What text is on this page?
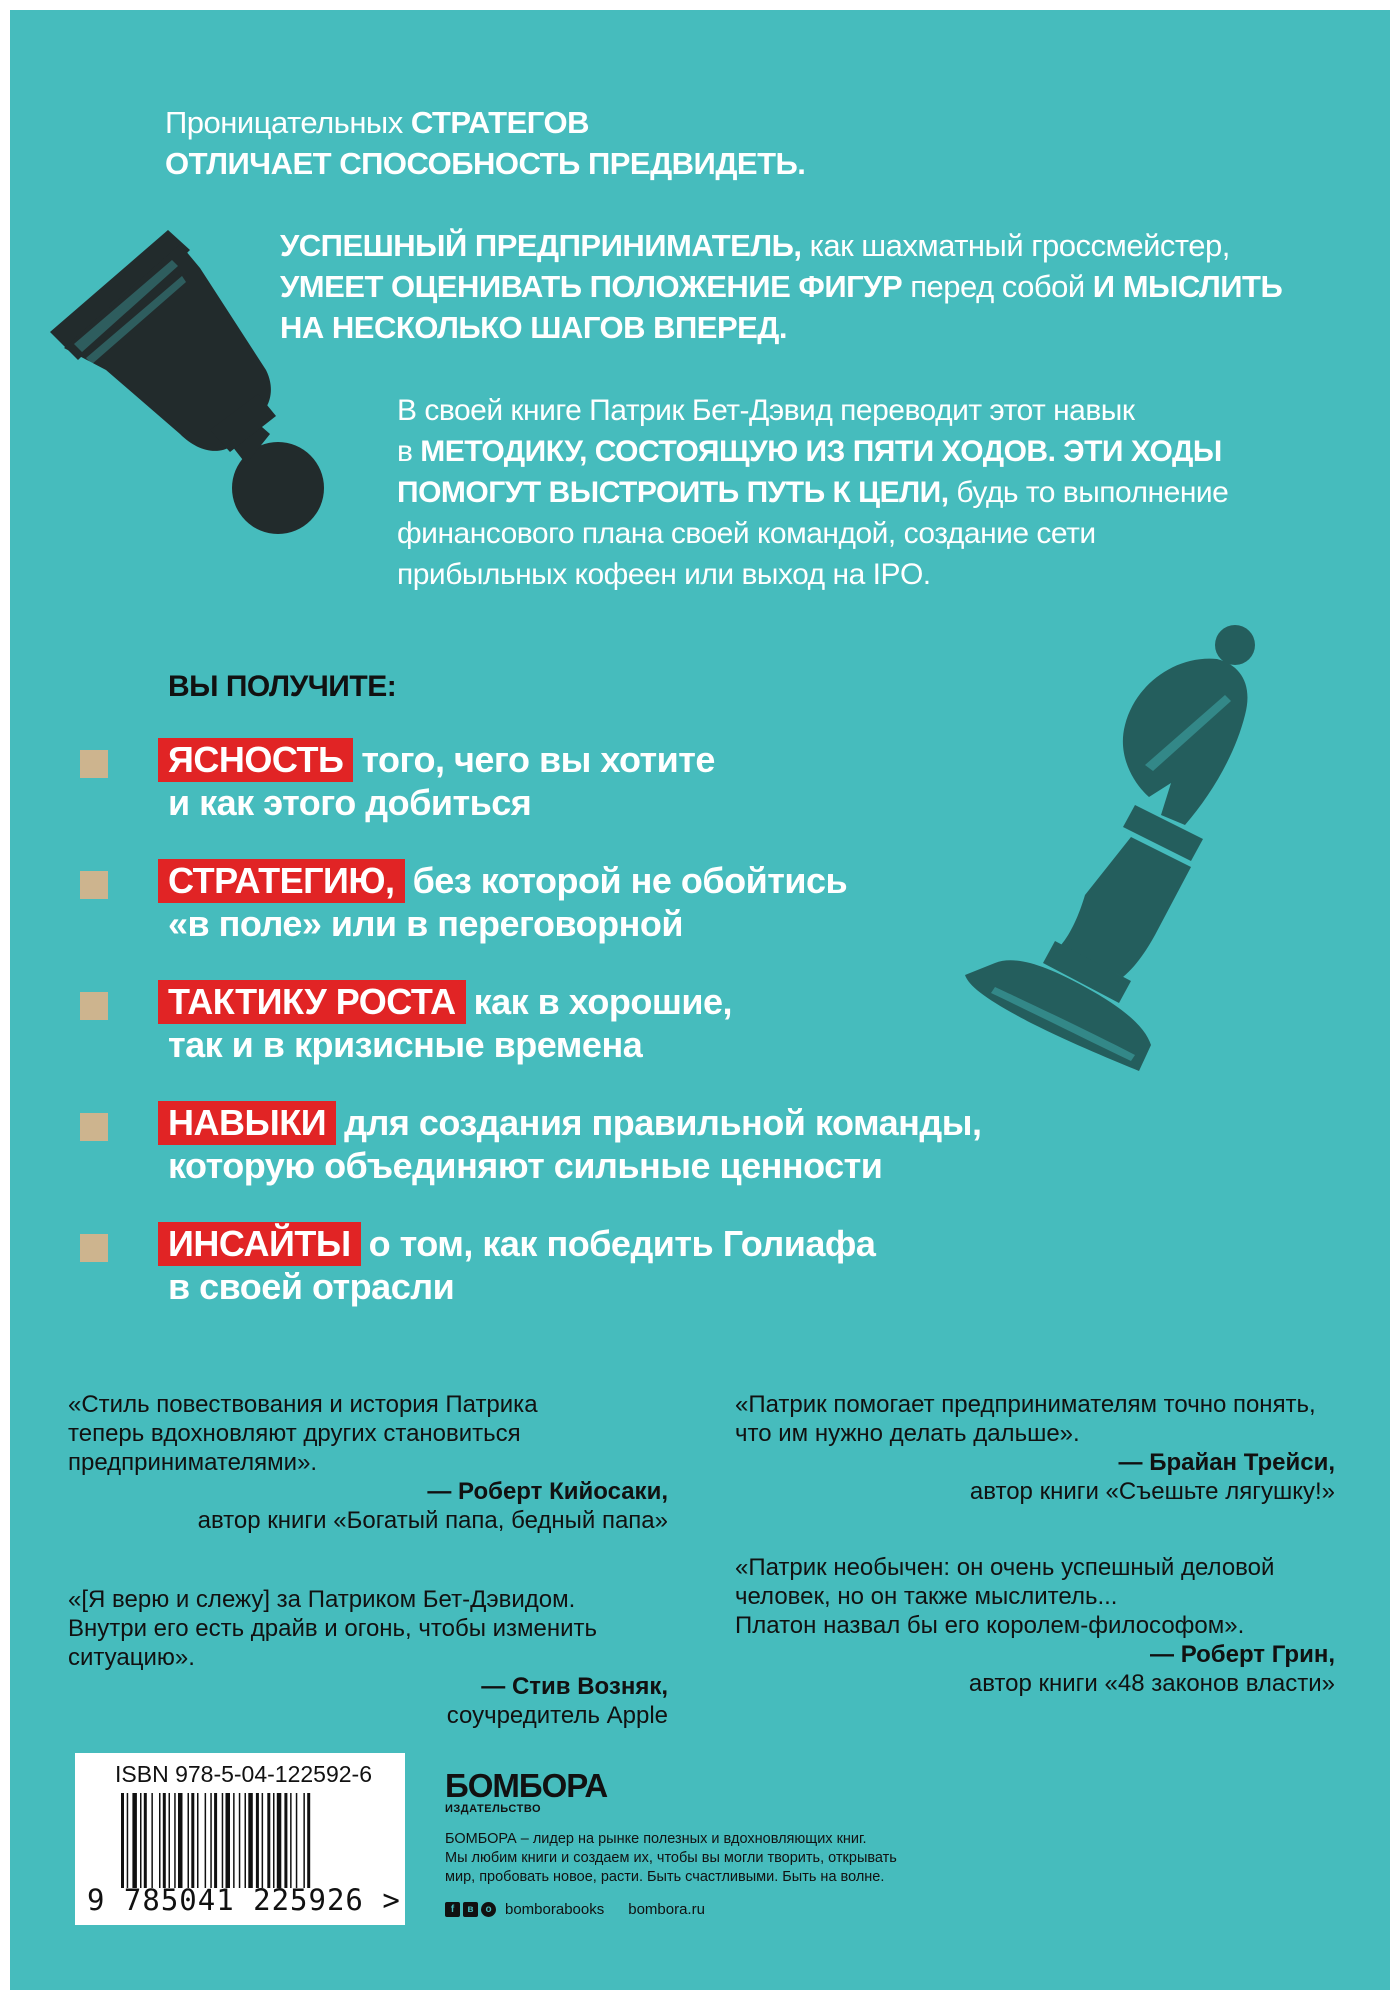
Проницательных СТРАТЕГОВ
ОТЛИЧАЕТ СПОСОБНОСТЬ ПРЕДВИДЕТЬ.
УСПЕШНЫЙ ПРЕДПРИНИМАТЕЛЬ, как шахматный гроссмейстер,
УМЕЕТ ОЦЕНИВАТЬ ПОЛОЖЕНИЕ ФИГУР перед собой И МЫСЛИТЬ
НА НЕСКОЛЬКО ШАГОВ ВПЕРЕД.
В своей книге Патрик Бет-Дэвид переводит этот навык
в МЕТОДИКУ, СОСТОЯЩУЮ ИЗ ПЯТИ ХОДОВ. ЭТИ ХОДЫ
ПОМОГУТ ВЫСТРОИТЬ ПУТЬ К ЦЕЛИ, будь то выполнение
финансового плана своей командой, создание сети
прибыльных кофеен или выход на IPO.
ВЫ ПОЛУЧИТЕ:
ЯСНОСТЬ того, чего вы хотите
и как этого добиться
СТРАТЕГИЮ, без которой не обойтись
«в поле» или в переговорной
ТАКТИКУ РОСТА как в хорошие,
так и в кризисные времена
НАВЫКИ для создания правильной команды,
которую объединяют сильные ценности
ИНСАЙТЫ о том, как победить Голиафа
в своей отрасли
«Стиль повествования и история Патрика
теперь вдохновляют других становиться
предпринимателями».
— Роберт Кийосаки,
автор книги «Богатый папа, бедный папа»
«[Я верю и слежу] за Патриком Бет-Дэвидом.
Внутри его есть драйв и огонь, чтобы изменить
ситуацию».
— Стив Возняк,
соучредитель Apple
«Патрик помогает предпринимателям точно понять,
что им нужно делать дальше».
— Брайан Трейси,
автор книги «Съешьте лягушку!»
«Патрик необычен: он очень успешный деловой
человек, но он также мыслитель...
Платон назвал бы его королем-философом».
— Роберт Грин,
автор книги «48 законов власти»
ISBN 978-5-04-122592-6
9 785041 225926 >
БОМБОРА
ИЗДАТЕЛЬСТВО
БОМБОРА – лидер на рынке полезных и вдохновляющих книг.
Мы любим книги и создаем их, чтобы вы могли творить, открывать
мир, пробовать новое, расти. Быть счастливыми. Быть на волне.
f	в	o bomborabooks bombora.ru
